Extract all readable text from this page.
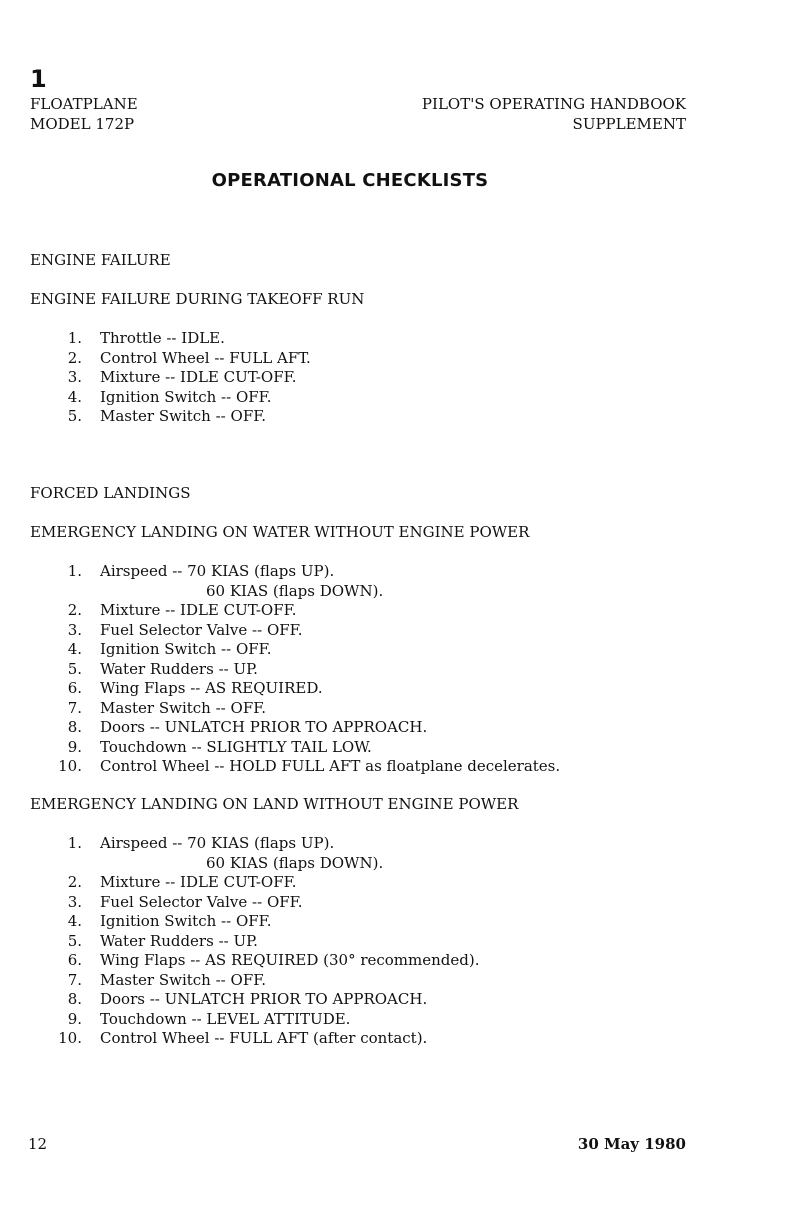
1
FLOATPLANE
MODEL 172P
PILOT'S OPERATING HANDBOOK
SUPPLEMENT
OPERATIONAL CHECKLISTS
ENGINE FAILURE
ENGINE FAILURE DURING TAKEOFF RUN
1. Throttle -- IDLE.
2. Control Wheel -- FULL AFT.
3. Mixture -- IDLE CUT-OFF.
4. Ignition Switch -- OFF.
5. Master Switch -- OFF.
FORCED LANDINGS
EMERGENCY LANDING ON WATER WITHOUT ENGINE POWER
1. Airspeed -- 70 KIAS (flaps UP).
60 KIAS (flaps DOWN).
2. Mixture -- IDLE CUT-OFF.
3. Fuel Selector Valve -- OFF.
4. Ignition Switch -- OFF.
5. Water Rudders -- UP.
6. Wing Flaps -- AS REQUIRED.
7. Master Switch -- OFF.
8. Doors -- UNLATCH PRIOR TO APPROACH.
9. Touchdown -- SLIGHTLY TAIL LOW.
10. Control Wheel -- HOLD FULL AFT as floatplane decelerates.
EMERGENCY LANDING ON LAND WITHOUT ENGINE POWER
1. Airspeed -- 70 KIAS (flaps UP).
60 KIAS (flaps DOWN).
2. Mixture -- IDLE CUT-OFF.
3. Fuel Selector Valve -- OFF.
4. Ignition Switch -- OFF.
5. Water Rudders -- UP.
6. Wing Flaps -- AS REQUIRED (30° recommended).
7. Master Switch -- OFF.
8. Doors -- UNLATCH PRIOR TO APPROACH.
9. Touchdown -- LEVEL ATTITUDE.
10. Control Wheel -- FULL AFT (after contact).
12	30 May 1980
